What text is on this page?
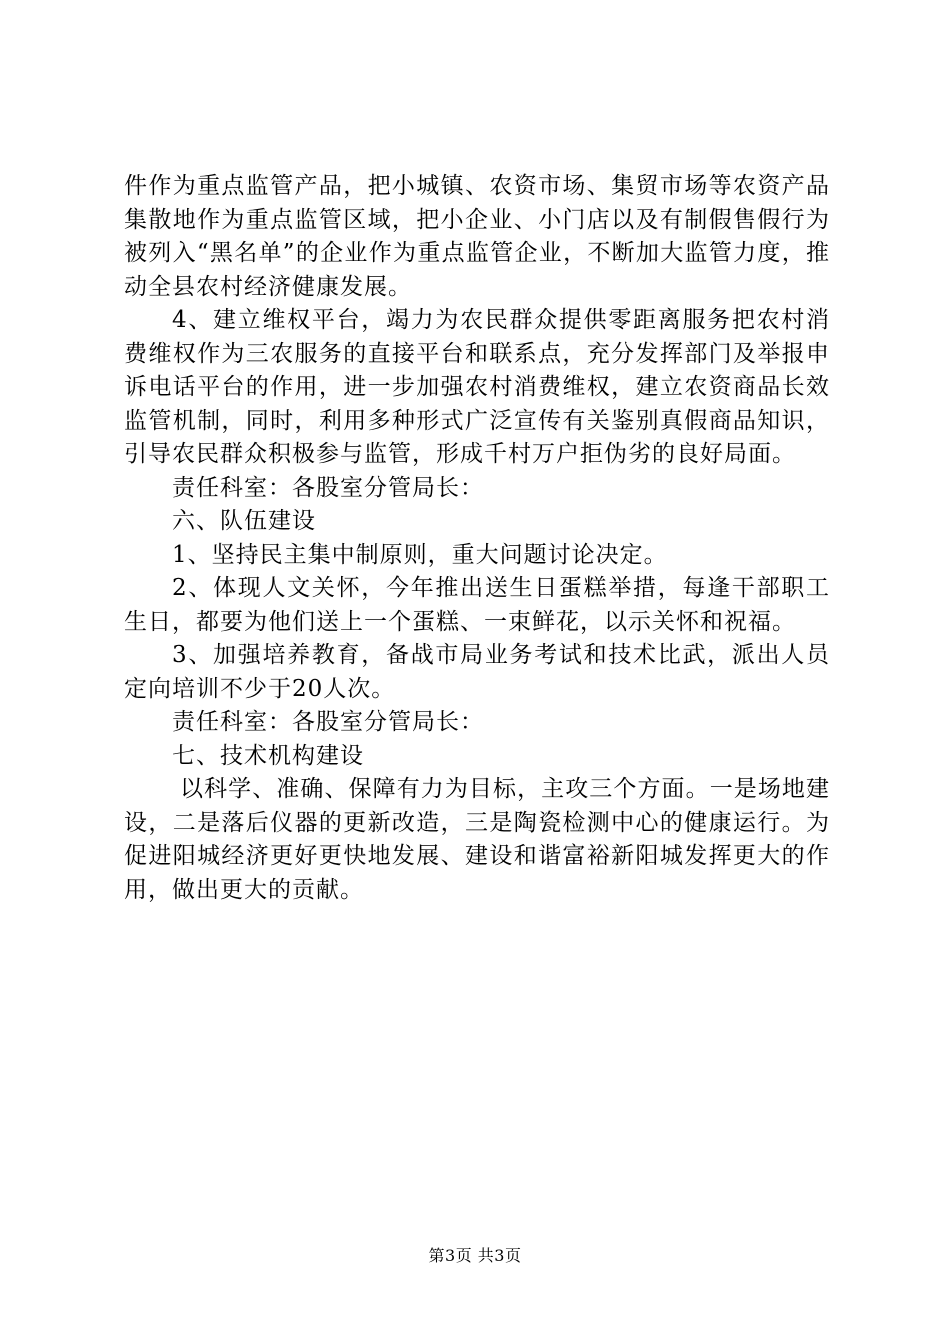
件作为重点监管产品，把小城镇、农资市场、集贸市场等农资产品集散地作为重点监管区域，把小企业、小门店以及有制假售假行为被列入“黑名单”的企业作为重点监管企业，不断加大监管力度，推动全县农村经济健康发展。

4、建立维权平台，竭力为农民群众提供零距离服务把农村消费维权作为三农服务的直接平台和联系点，充分发挥部门及举报申诉电话平台的作用，进一步加强农村消费维权，建立农资商品长效监管机制，同时，利用多种形式广泛宣传有关鉴别真假商品知识，引导农民群众积极参与监管，形成千村万户拒伪劣的良好局面。

责任科室：各股室分管局长：

六、队伍建设

1、坚持民主集中制原则，重大问题讨论决定。

2、体现人文关怀，今年推出送生日蛋糕举措，每逢干部职工生日，都要为他们送上一个蛋糕、一束鲜花，以示关怀和祝福。

3、加强培养教育，备战市局业务考试和技术比武，派出人员定向培训不少于20人次。

责任科室：各股室分管局长：

七、技术机构建设

以科学、准确、保障有力为目标，主攻三个方面。一是场地建设，二是落后仪器的更新改造，三是陶瓷检测中心的健康运行。为促进阳城经济更好更快地发展、建设和谐富裕新阳城发挥更大的作用，做出更大的贡献。

第3页 共3页
